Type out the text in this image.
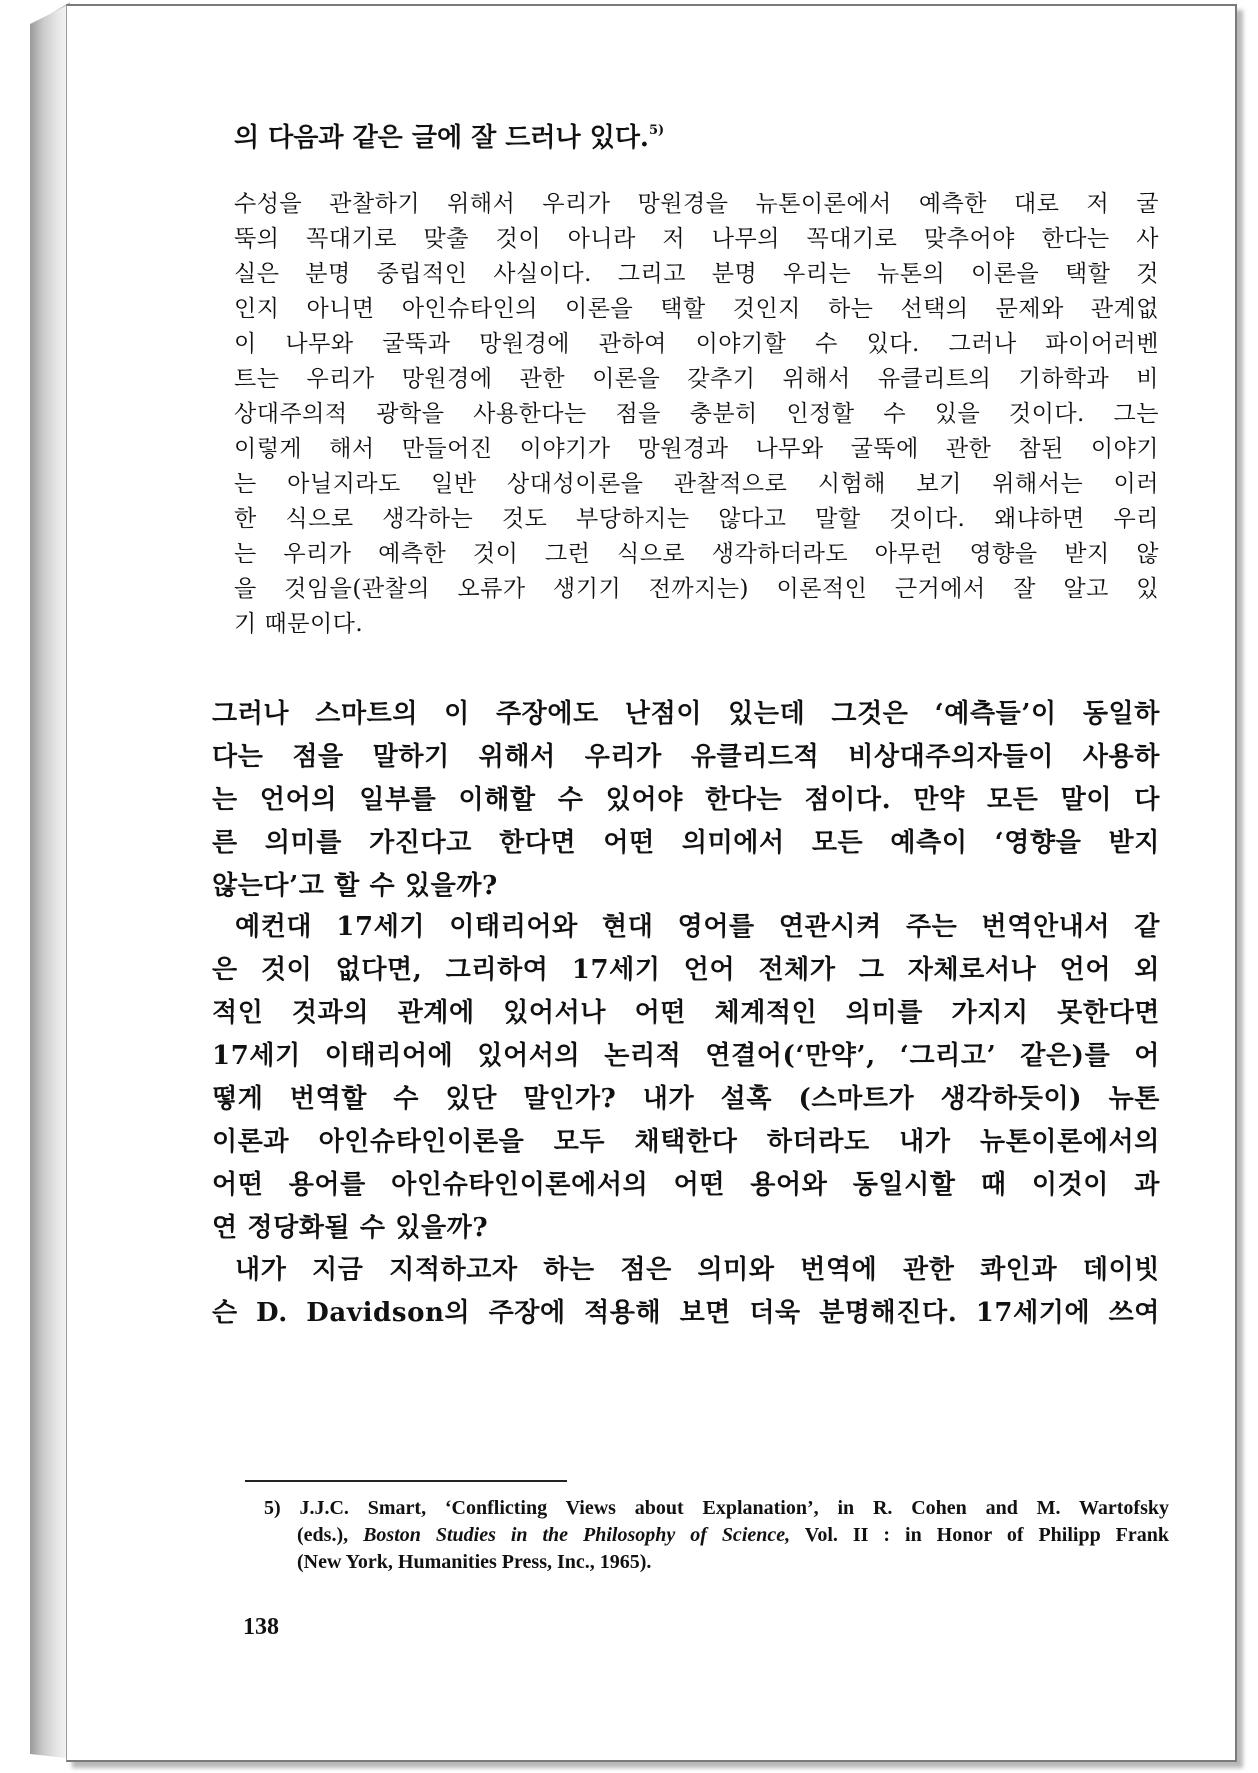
의 다음과 같은 글에 잘 드러나 있다.$^{5)}$

수성을 관찰하기 위해서 우리가 망원경을 뉴톤이론에서 예측한 대로 저 굴

뚝의 꼭대기로 맞출 것이 아니라 저 나무의 꼭대기로 맞추어야 한다는 사

실은 분명 중립적인 사실이다. 그리고 분명 우리는 뉴톤의 이론을 택할 것

인지 아니면 아인슈타인의 이론을 택할 것인지 하는 선택의 문제와 관계없

이 나무와 굴뚝과 망원경에 관하여 이야기할 수 있다. 그러나 파이어러벤

트는 우리가 망원경에 관한 이론을 갖추기 위해서 유클리트의 기하학과 비

상대주의적 광학을 사용한다는 점을 충분히 인정할 수 있을 것이다. 그는

이렇게 해서 만들어진 이야기가 망원경과 나무와 굴뚝에 관한 참된 이야기

는 아닐지라도 일반 상대성이론을 관찰적으로 시험해 보기 위해서는 이러

한 식으로 생각하는 것도 부당하지는 않다고 말할 것이다. 왜냐하면 우리

는 우리가 예측한 것이 그런 식으로 생각하더라도 아무런 영향을 받지 않

을 것임을(관찰의 오류가 생기기 전까지는) 이론적인 근거에서 잘 알고 있

기 때문이다.

그러나 스마트의 이 주장에도 난점이 있는데 그것은 ‘예측들’이 동일하

다는 점을 말하기 위해서 우리가 유클리드적 비상대주의자들이 사용하

는 언어의 일부를 이해할 수 있어야 한다는 점이다. 만약 모든 말이 다

른 의미를 가진다고 한다면 어떤 의미에서 모든 예측이 ‘영향을 받지

않는다’고 할 수 있을까?

예컨대 17세기 이태리어와 현대 영어를 연관시켜 주는 번역안내서 같

은 것이 없다면, 그리하여 17세기 언어 전체가 그 자체로서나 언어 외

적인 것과의 관계에 있어서나 어떤 체계적인 의미를 가지지 못한다면

17세기 이태리어에 있어서의 논리적 연결어(‘만약’, ‘그리고’ 같은)를 어

떻게 번역할 수 있단 말인가? 내가 설혹 (스마트가 생각하듯이) 뉴톤

이론과 아인슈타인이론을 모두 채택한다 하더라도 내가 뉴톤이론에서의

어떤 용어를 아인슈타인이론에서의 어떤 용어와 동일시할 때 이것이 과

연 정당화될 수 있을까?

내가 지금 지적하고자 하는 점은 의미와 번역에 관한 콰인과 데이빗

슨 D. Davidson의 주장에 적용해 보면 더욱 분명해진다. 17세기에 쓰여

5) J.J.C. Smart, ‘Conflicting Views about Explanation’, in R. Cohen and M. Wartofsky

(eds.), Boston Studies in the Philosophy of Science, Vol. II : in Honor of Philipp Frank

(New York, Humanities Press, Inc., 1965).

138
